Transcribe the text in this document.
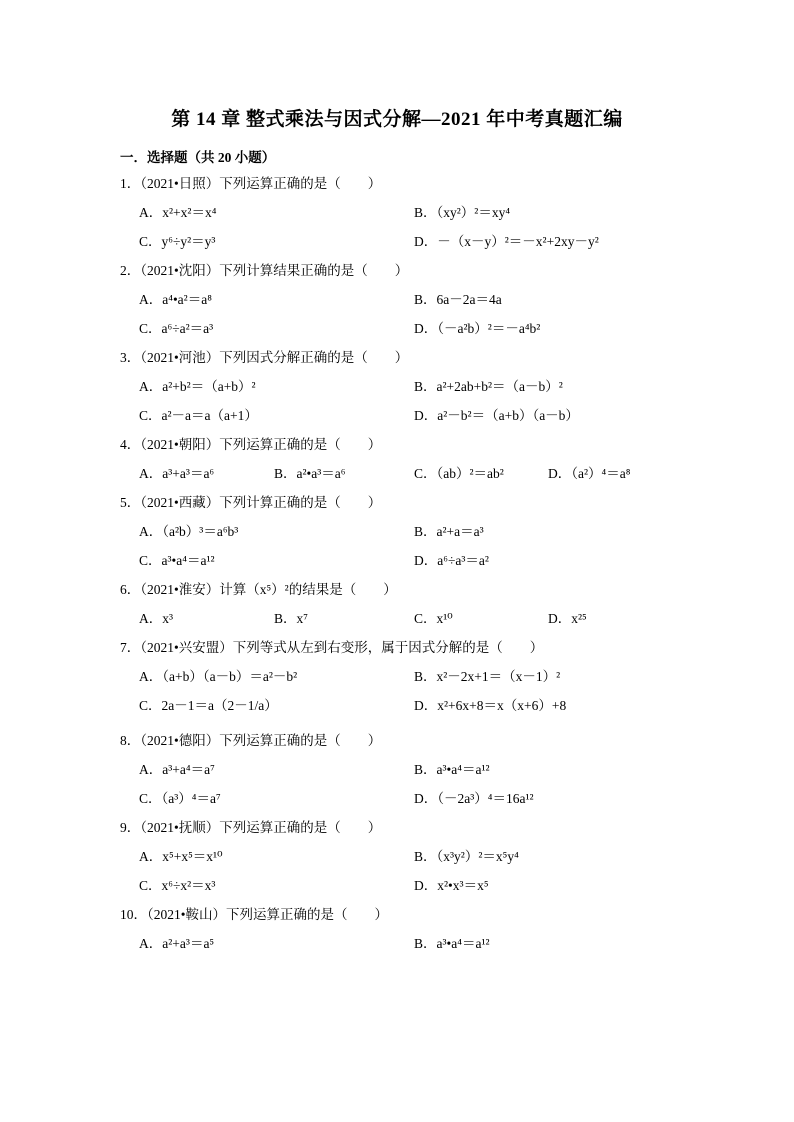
第 14 章 整式乘法与因式分解—2021 年中考真题汇编
一．选择题（共 20 小题）
1．（2021•日照）下列运算正确的是（　　）
A．x²+x²＝x⁴	B．（xy²）²＝xy⁴
C．y⁶÷y²＝y³	D．－（x－y）²＝－x²+2xy－y²
2．（2021•沈阳）下列计算结果正确的是（　　）
A．a⁴•a²＝a⁸	B．6a－2a＝4a
C．a⁶÷a²＝a³	D．（－a²b）²＝－a⁴b²
3．（2021•河池）下列因式分解正确的是（　　）
A．a²+b²＝（a+b）²	B．a²+2ab+b²＝（a－b）²
C．a²－a＝a（a+1）	D．a²－b²＝（a+b）（a－b）
4．（2021•朝阳）下列运算正确的是（　　）
A．a³+a³＝a⁶	B．a²•a³＝a⁶	C．（ab）²＝ab²	D．（a²）⁴＝a⁸
5．（2021•西藏）下列计算正确的是（　　）
A．（a²b）³＝a⁶b³	B．a²+a＝a³
C．a³•a⁴＝a¹²	D．a⁶÷a³＝a²
6．（2021•淮安）计算（x⁵）²的结果是（　　）
A．x³	B．x⁷	C．x¹⁰	D．x²⁵
7．（2021•兴安盟）下列等式从左到右变形，属于因式分解的是（　　）
A．（a+b）（a－b）＝a²－b²	B．x²－2x+1＝（x－1）²
C．2a－1＝a（2－1/a）	D．x²+6x+8＝x（x+6）+8
8．（2021•德阳）下列运算正确的是（　　）
A．a³+a⁴＝a⁷	B．a³•a⁴＝a¹²
C．（a³）⁴＝a⁷	D．（－2a³）⁴＝16a¹²
9．（2021•抚顺）下列运算正确的是（　　）
A．x⁵+x⁵＝x¹⁰	B．（x³y²）²＝x⁵y⁴
C．x⁶÷x²＝x³	D．x²•x³＝x⁵
10．（2021•鞍山）下列运算正确的是（　　）
A．a²+a³＝a⁵	B．a³•a⁴＝a¹²
